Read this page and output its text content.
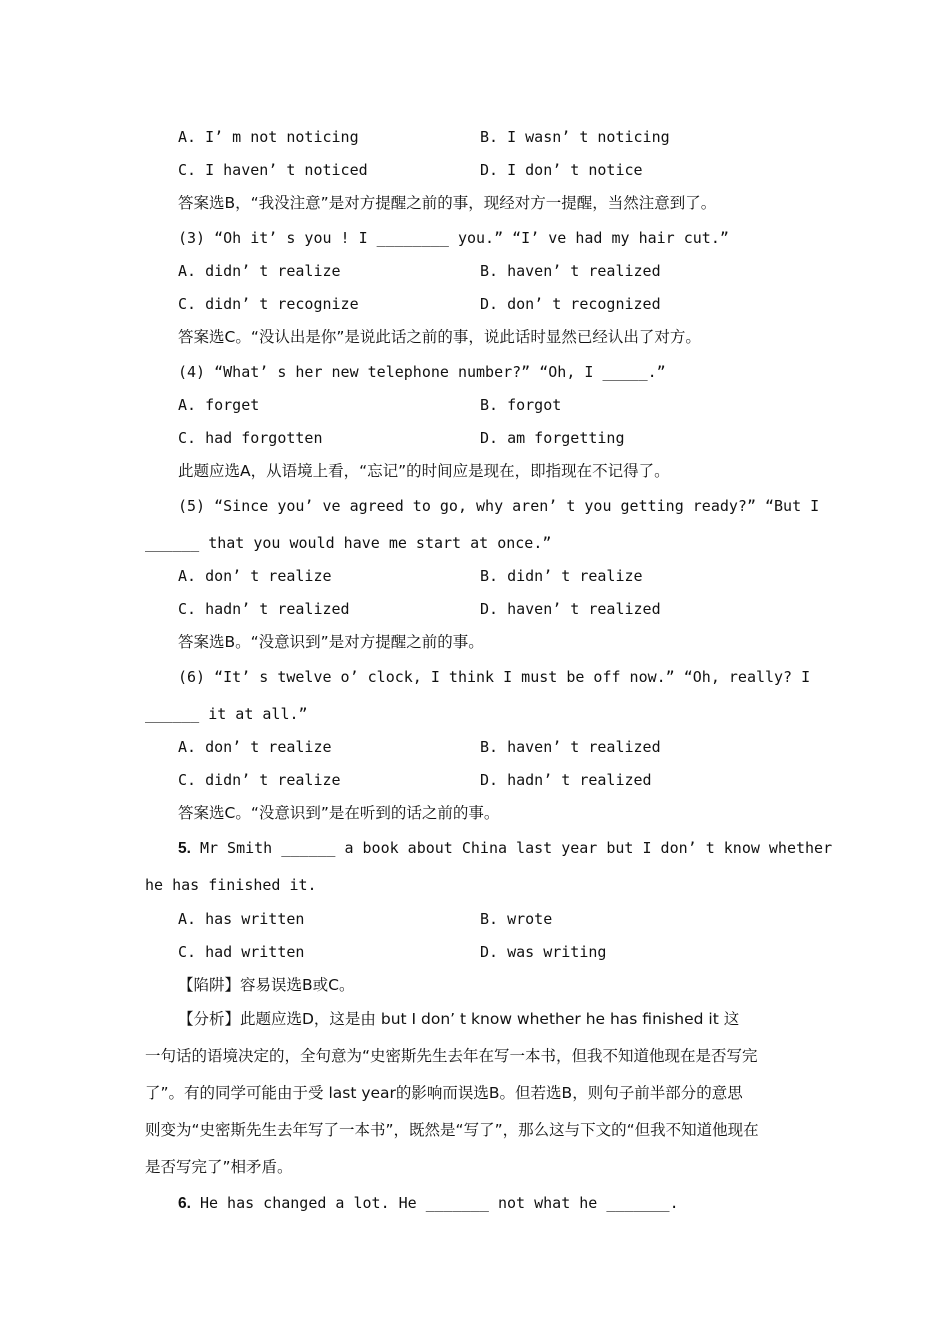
A. I’ m not noticing	B. I wasn’ t noticing
C. I haven’ t noticed	D. I don’ t notice
答案选B，“我没注意”是对方提醒之前的事，现经对方一提醒，当然注意到了。
(3) “Oh it’ s you ! I ________ you.” “I’ ve had my hair cut.”
A. didn’ t realize	B. haven’ t realized
C. didn’ t recognize	D. don’ t recognized
答案选C。“没认出是你”是说此话之前的事，说此话时显然已经认出了对方。
(4) “What’ s her new telephone number?” “Oh, I _____.”
A. forget	B. forgot
C. had forgotten	D. am forgetting
此题应选A，从语境上看，“忘记”的时间应是现在，即指现在不记得了。
(5) “Since you’ ve agreed to go, why aren’ t you getting ready?” “But I
______ that you would have me start at once.”
A. don’ t realize	B. didn’ t realize
C. hadn’ t realized	D. haven’ t realized
答案选B。“没意识到”是对方提醒之前的事。
(6) “It’ s twelve o’ clock, I think I must be off now.” “Oh, really? I
______ it at all.”
A. don’ t realize	B. haven’ t realized
C. didn’ t realize	D. hadn’ t realized
答案选C。“没意识到”是在听到的话之前的事。
5. Mr Smith ______ a book about China last year but I don’ t know whether
he has finished it.
A. has written	B. wrote
C. had written	D. was writing
【陷阱】容易误选B或C。
【分析】此题应选D，这是由 but I don’ t know whether he has finished it 这
一句话的语境决定的，全句意为“史密斯先生去年在写一本书，但我不知道他现在是否写完
了”。有的同学可能由于受 last year的影响而误选B。但若选B，则句子前半部分的意思
则变为“史密斯先生去年写了一本书”，既然是“写了”，那么这与下文的“但我不知道他现在
是否写完了”相矛盾。
6. He has changed a lot. He _______ not what he _______.
